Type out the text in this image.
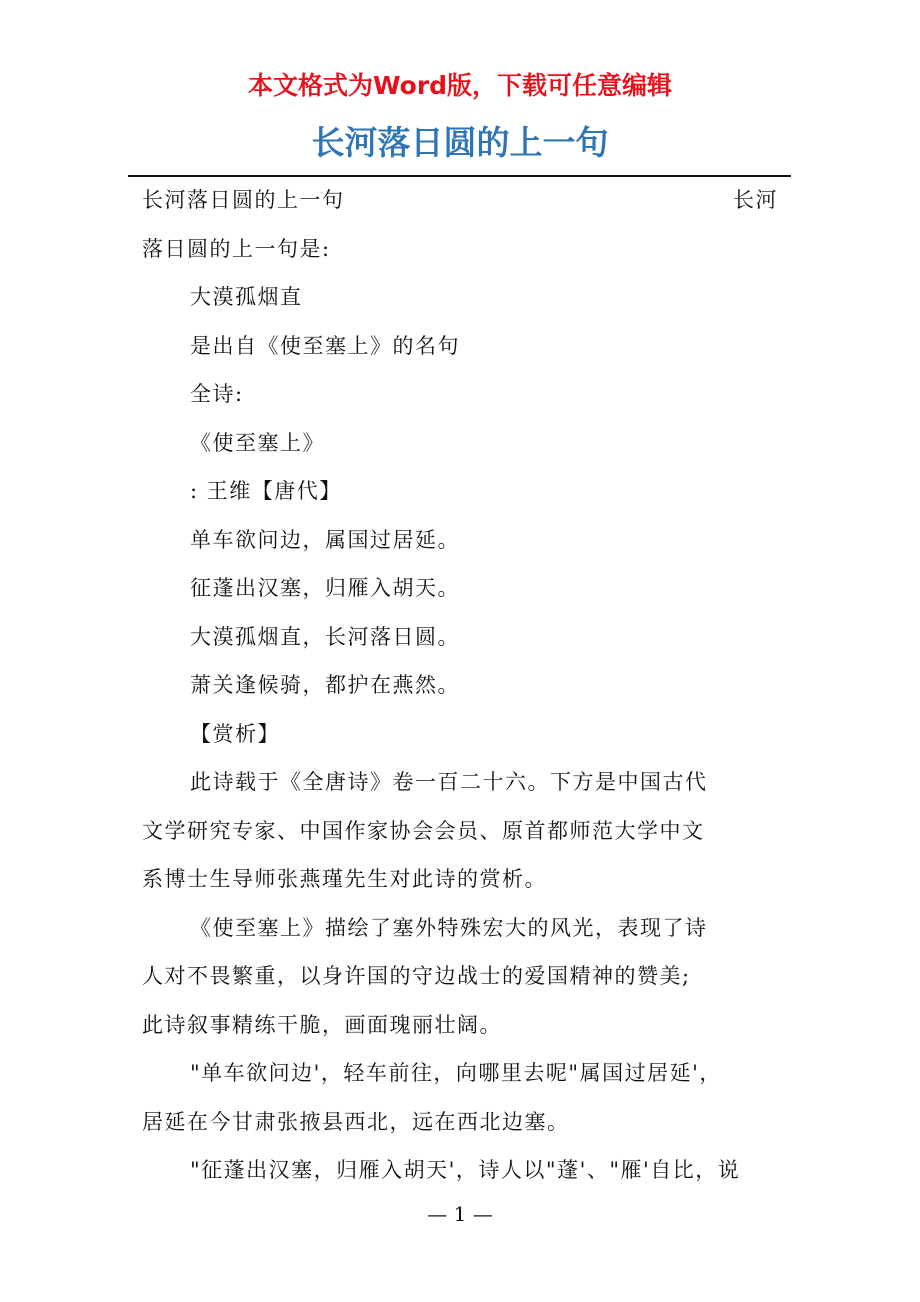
本文格式为Word版，下载可任意编辑
长河落日圆的上一句
长河落日圆的上一句	长河
落日圆的上一句是:
大漠孤烟直
是出自《使至塞上》的名句
全诗:
《使至塞上》
: 王维【唐代】
单车欲问边，属国过居延。
征蓬出汉塞，归雁入胡天。
大漠孤烟直，长河落日圆。
萧关逢候骑，都护在燕然。
【赏析】
此诗载于《全唐诗》卷一百二十六。下方是中国古代
文学研究专家、中国作家协会会员、原首都师范大学中文
系博士生导师张燕瑾先生对此诗的赏析。
《使至塞上》描绘了塞外特殊宏大的风光，表现了诗
人对不畏繁重，以身许国的守边战士的爱国精神的赞美;
此诗叙事精练干脆，画面瑰丽壮阔。
"单车欲问边'，轻车前往，向哪里去呢"属国过居延'，
居延在今甘肃张掖县西北，远在西北边塞。
"征蓬出汉塞，归雁入胡天'，诗人以"蓬'、"雁'自比，说
— 1 —
